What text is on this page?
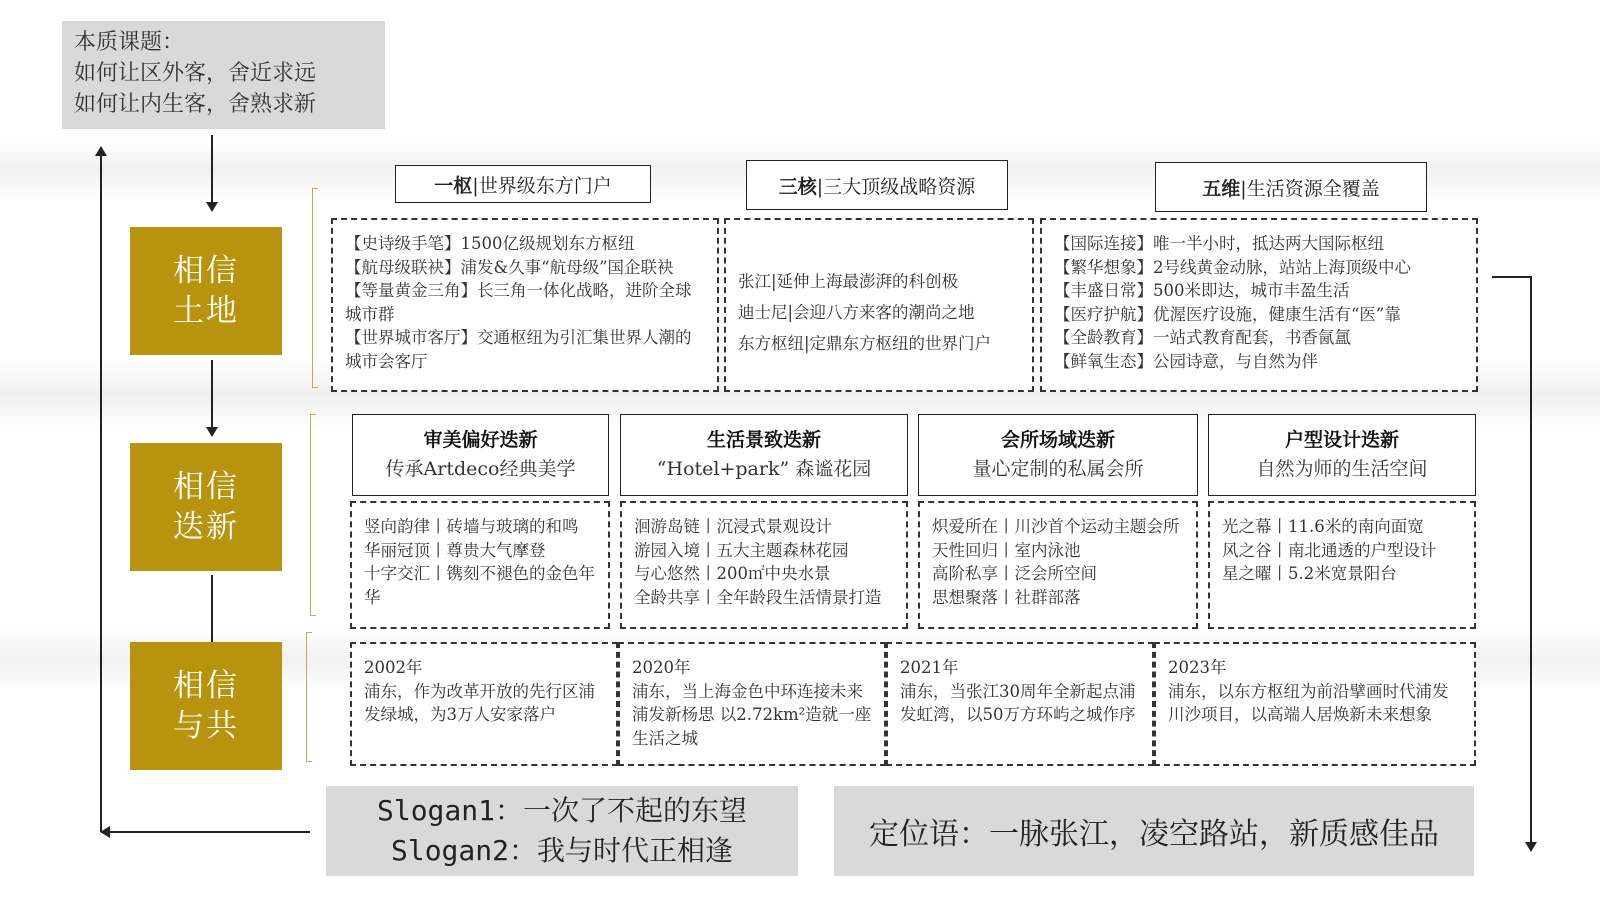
本质课题：
如何让区外客，舍近求远
如何让内生客，舍熟求新
相信
土地
相信
迭新
相信
与共
一枢 |世界级东方门户	三核 |三大顶级战略资源	五维 |生活资源全覆盖
【史诗级手笔】1500亿级规划东方枢纽
【航母级联袂】浦发&久事“航母级”国企联袂
【等量黄金三角】长三角一体化战略，进阶全球城市群
【世界城市客厅】交通枢纽为引汇集世界人潮的城市会客厅
张江|延伸上海最澎湃的科创极
迪士尼|会迎八方来客的潮尚之地
东方枢纽|定鼎东方枢纽的世界门户
【国际连接】唯一半小时，抵达两大国际枢纽
【繁华想象】2号线黄金动脉，站站上海顶级中心
【丰盛日常】500米即达，城市丰盈生活
【医疗护航】优渥医疗设施，健康生活有“医”靠
【全龄教育】一站式教育配套，书香氤氲
【鲜氧生态】公园诗意，与自然为伴
审美偏好迭新
传承Artdeco经典美学
生活景致迭新
“Hotel+park” 森谧花园
会所场域迭新
量心定制的私属会所
户型设计迭新
自然为师的生活空间
竖向韵律丨砖墙与玻璃的和鸣
华丽冠顶丨尊贵大气摩登
十字交汇丨镌刻不褪色的金色年华
洄游岛链丨沉浸式景观设计
游园入境丨五大主题森林花园
与心悠然丨200㎡中央水景
全龄共享丨全年龄段生活情景打造
炽爱所在丨川沙首个运动主题会所
天性回归丨室内泳池
高阶私享丨泛会所空间
思想聚落丨社群部落
光之幕丨11.6米的南向面宽
风之谷丨南北通透的户型设计
星之曜丨5.2米宽景阳台
2002年
浦东，作为改革开放的先行区浦发绿城，为3万人安家落户
2020年
浦东，当上海金色中环连接未来浦发新杨思 以2.72km²造就一座生活之城
2021年
浦东，当张江30周年全新起点浦发虹湾，以50万方环屿之城作序
2023年
浦东，以东方枢纽为前沿擘画时代浦发川沙项目，以高端人居焕新未来想象
Slogan1：一次了不起的东望
Slogan2：我与时代正相逢	定位语：一脉张江，凌空路站，新质感佳品
